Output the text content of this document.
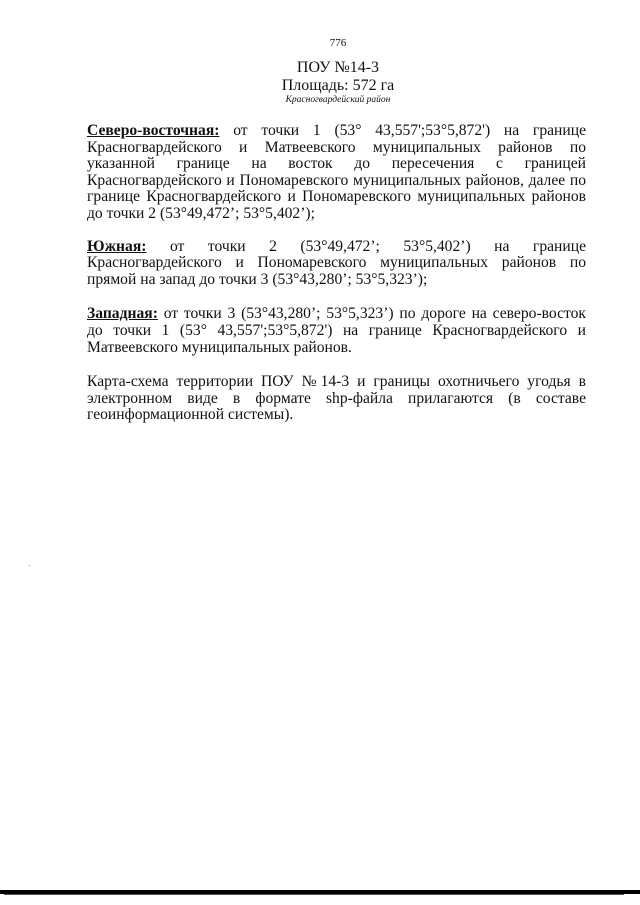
776
ПОУ №14-3
Площадь: 572 га
Красногвардейский район

Северо-восточная: от точки 1 (53° 43,557';53°5,872') на границе Красногвардейского и Матвеевского муниципальных районов по указанной границе на восток до пересечения с границей Красногвардейского и Пономаревского муниципальных районов, далее по границе Красногвардейского и Пономаревского муниципальных районов до точки 2 (53°49,472’; 53°5,402’);

Южная: от точки 2 (53°49,472’; 53°5,402’) на границе Красногвардейского и Пономаревского муниципальных районов по прямой на запад до точки 3 (53°43,280’; 53°5,323’);

Западная: от точки 3 (53°43,280’; 53°5,323’) по дороге на северо-восток до точки 1 (53° 43,557';53°5,872') на границе Красногвардейского и Матвеевского муниципальных районов.

Карта-схема территории ПОУ №14-3 и границы охотничьего угодья в электронном виде в формате shp-файла прилагаются (в составе геоинформационной системы).
